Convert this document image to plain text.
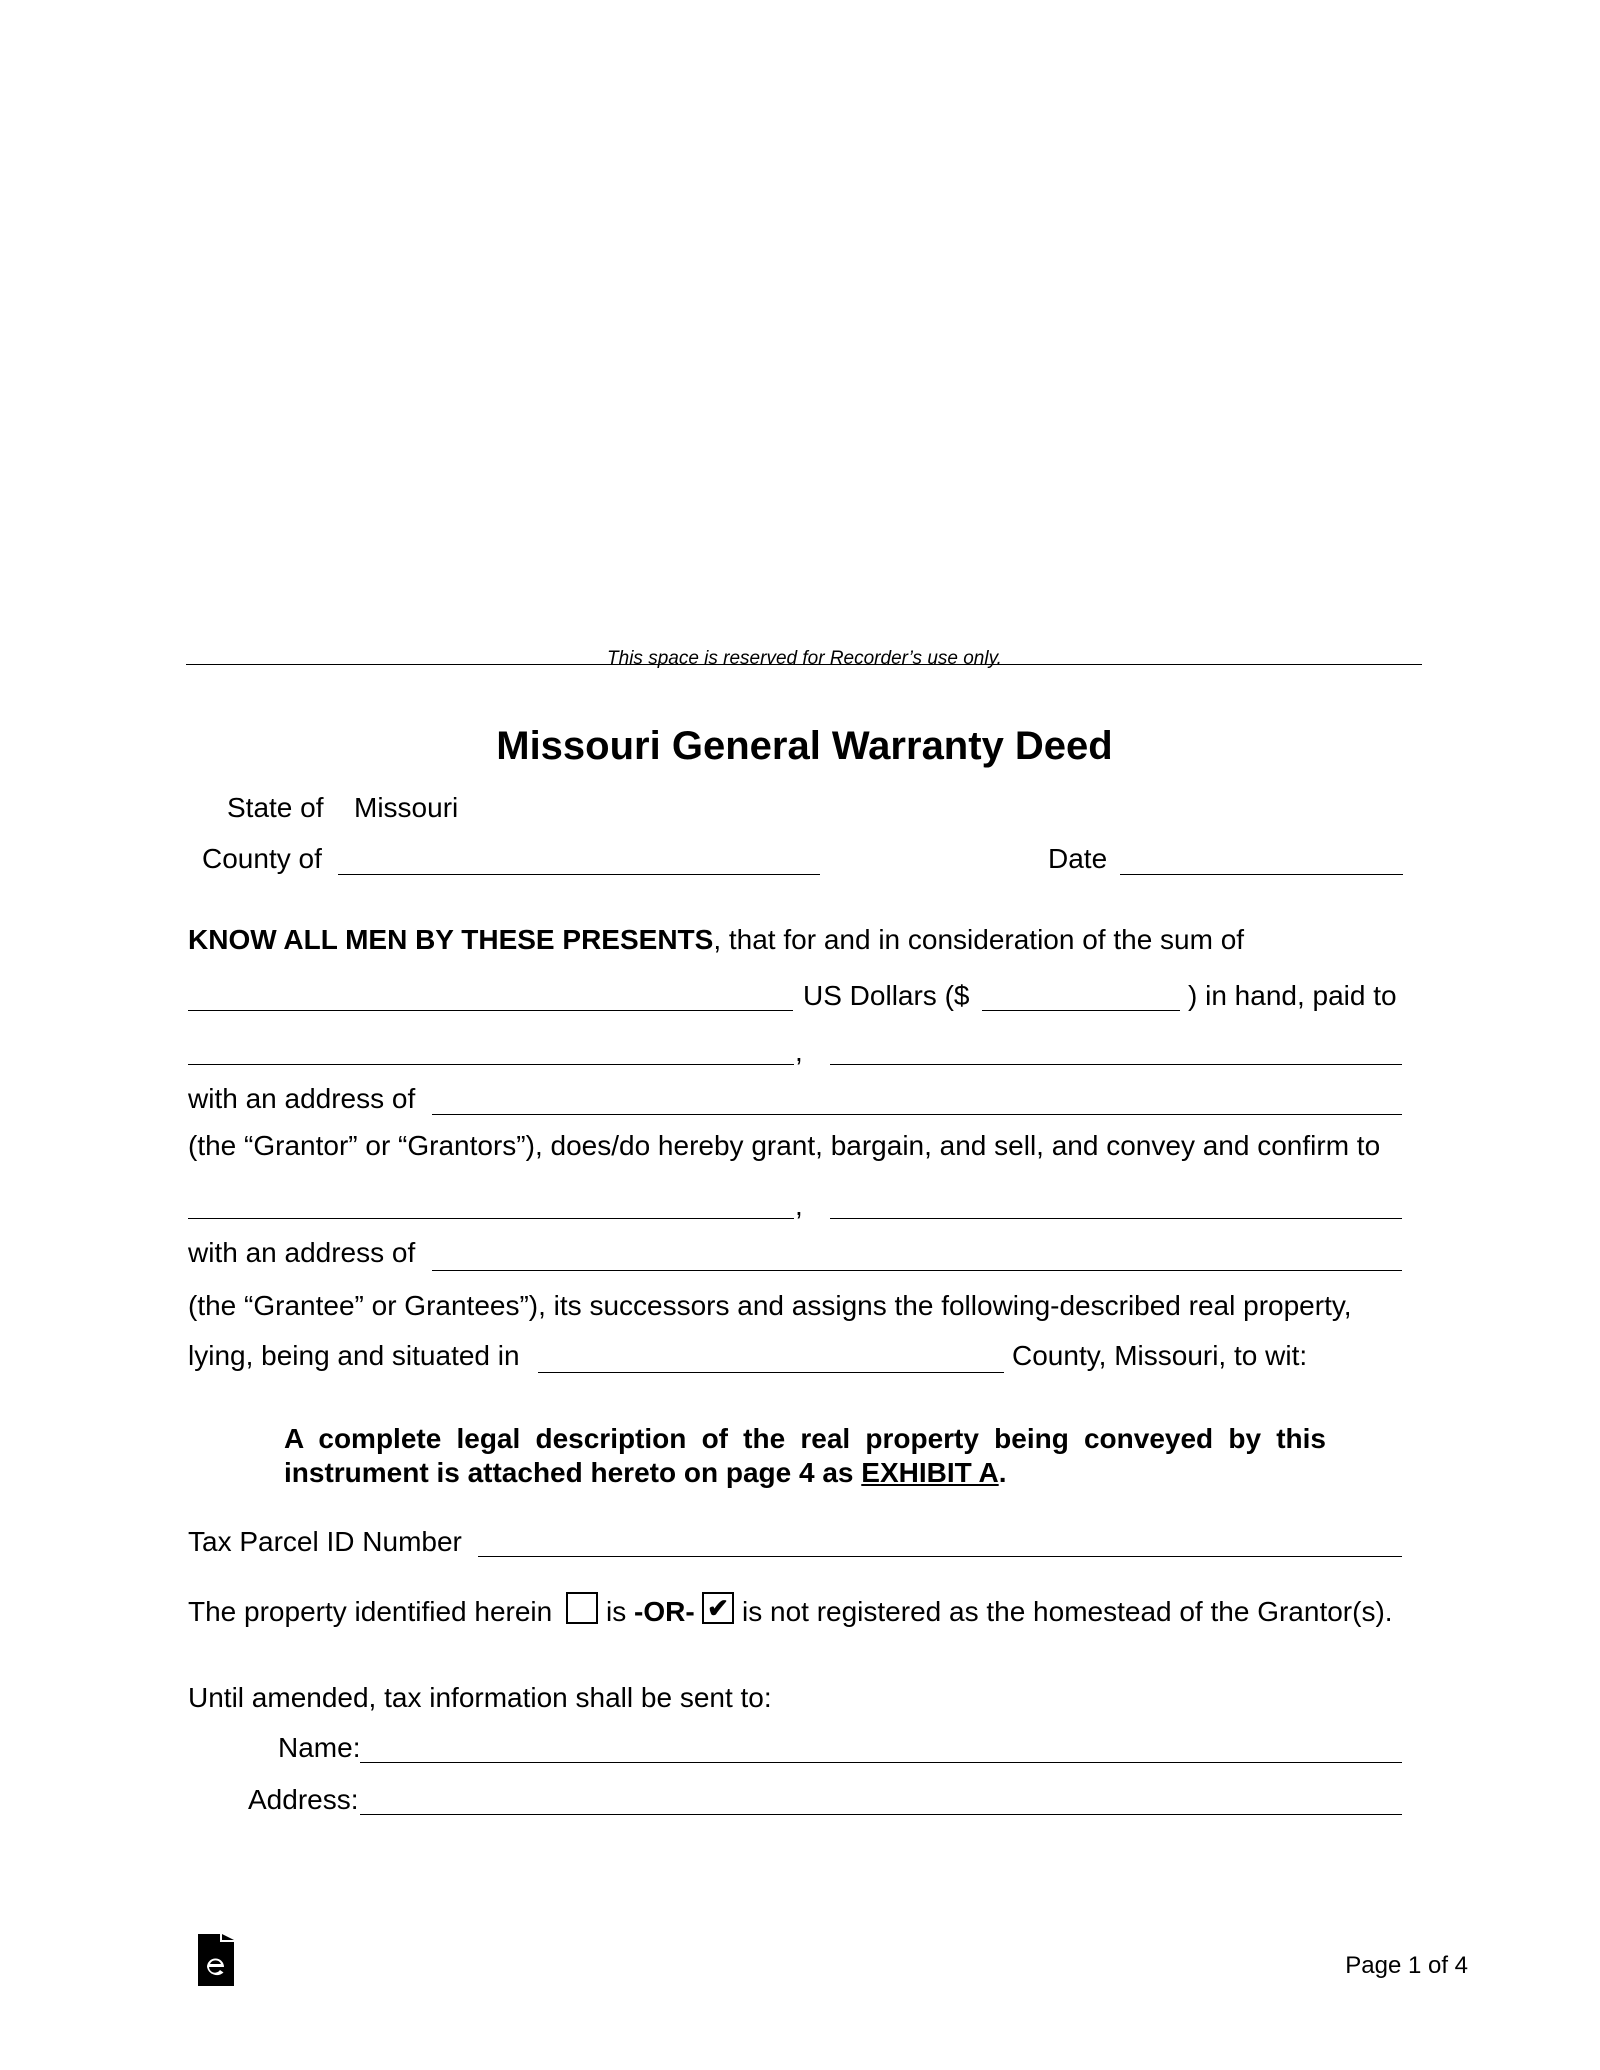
This space is reserved for Recorder’s use only.
Missouri General Warranty Deed
State of Missouri
County of	Date
KNOW ALL MEN BY THESE PRESENTS, that for and in consideration of the sum of
US Dollars ($	) in hand, paid to
,
with an address of
(the “Grantor” or “Grantors”), does/do hereby grant, bargain, and sell, and convey and confirm to
,
with an address of
(the “Grantee” or Grantees”), its successors and assigns the following-described real property,
lying, being and situated in	County, Missouri, to wit:
A complete legal description of the real property being conveyed by this
instrument is attached hereto on page 4 as EXHIBIT A.
Tax Parcel ID Number
The property identified herein is -OR- ✔ is not registered as the homestead of the Grantor(s).
Until amended, tax information shall be sent to:
Name:
Address:
Page 1 of 4
